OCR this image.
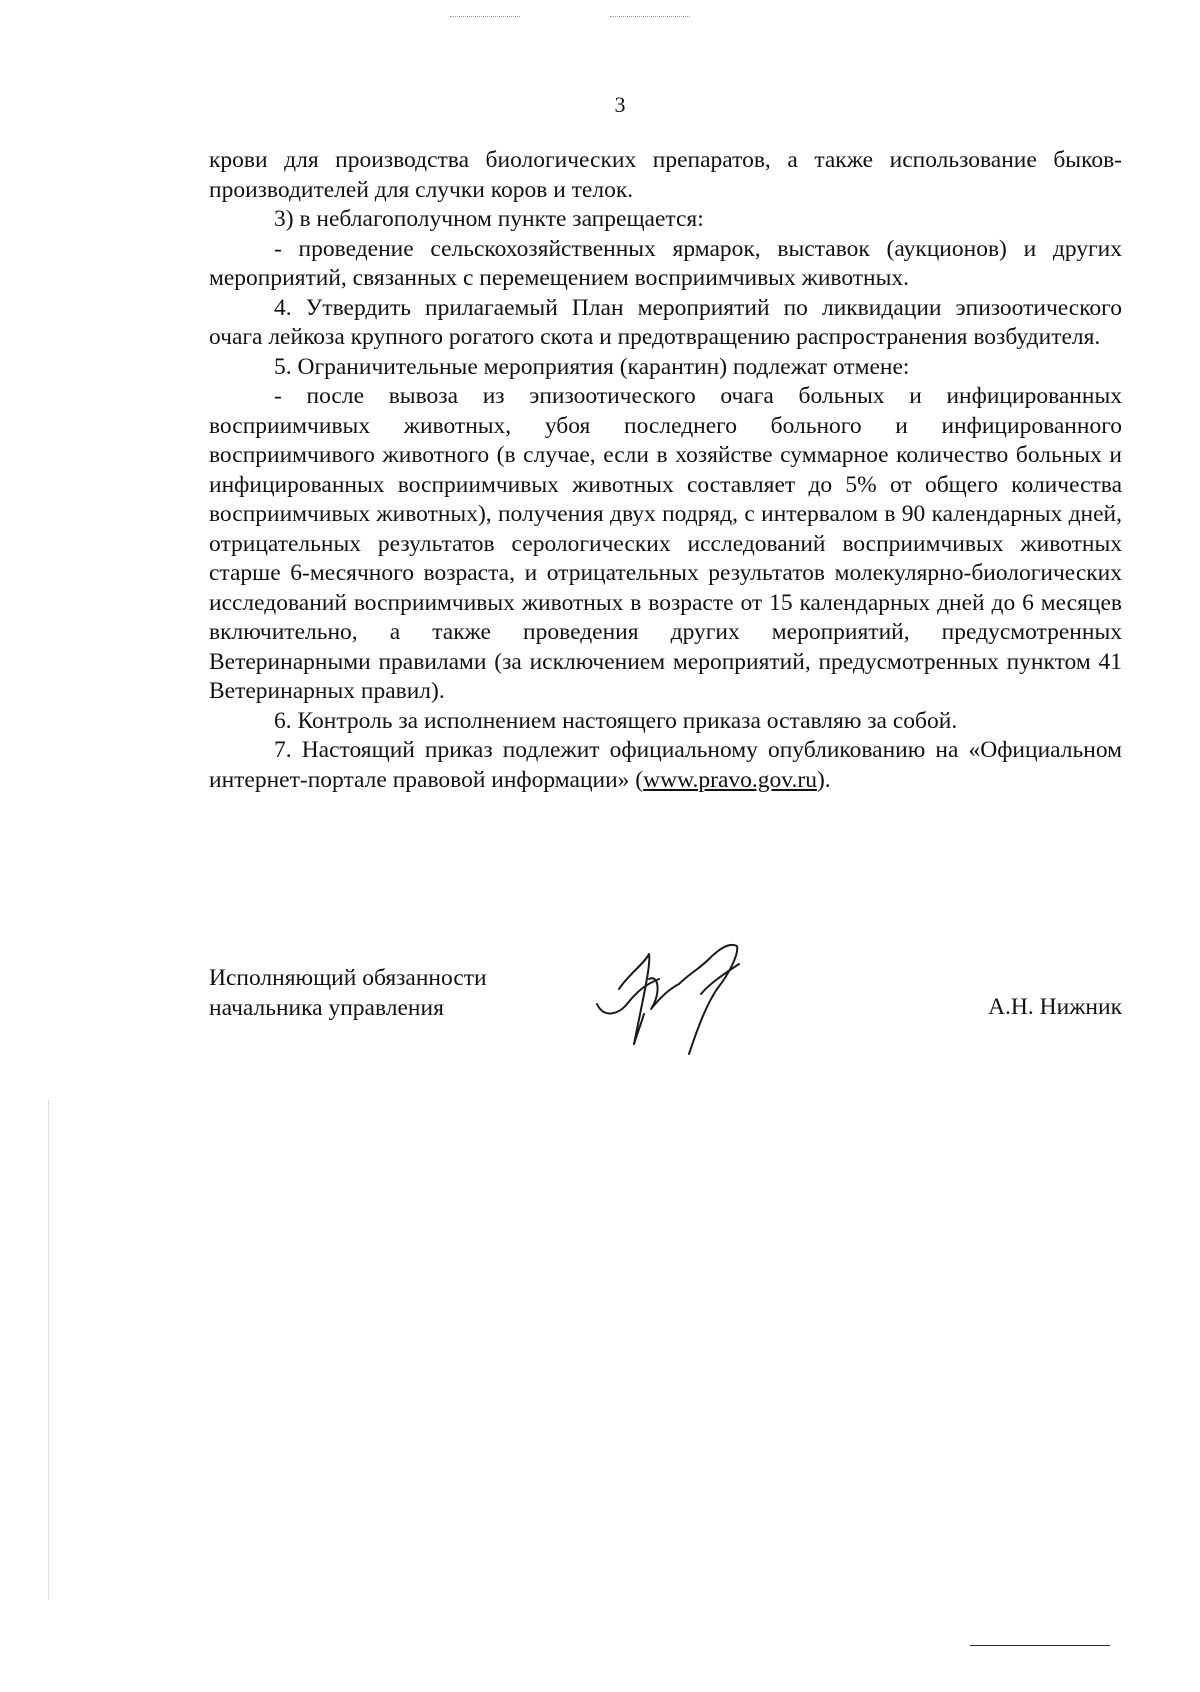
3

крови для производства биологических препаратов, а также использование быков-производителей для случки коров и телок.

3) в неблагополучном пункте запрещается:

- проведение сельскохозяйственных ярмарок, выставок (аукционов) и других мероприятий, связанных с перемещением восприимчивых животных.

4. Утвердить прилагаемый План мероприятий по ликвидации эпизоотического очага лейкоза крупного рогатого скота и предотвращению распространения возбудителя.

5. Ограничительные мероприятия (карантин) подлежат отмене:

- после вывоза из эпизоотического очага больных и инфицированных восприимчивых животных, убоя последнего больного и инфицированного восприимчивого животного (в случае, если в хозяйстве суммарное количество больных и инфицированных восприимчивых животных составляет до 5% от общего количества восприимчивых животных), получения двух подряд, с интервалом в 90 календарных дней, отрицательных результатов серологических исследований восприимчивых животных старше 6-месячного возраста, и отрицательных результатов молекулярно-биологических исследований восприимчивых животных в возрасте от 15 календарных дней до 6 месяцев включительно, а также проведения других мероприятий, предусмотренных Ветеринарными правилами (за исключением мероприятий, предусмотренных пунктом 41 Ветеринарных правил).

6. Контроль за исполнением настоящего приказа оставляю за собой.

7. Настоящий приказ подлежит официальному опубликованию на «Официальном интернет-портале правовой информации» (www.pravo.gov.ru).

Исполняющий обязанности
начальника управления	А.Н. Нижник
